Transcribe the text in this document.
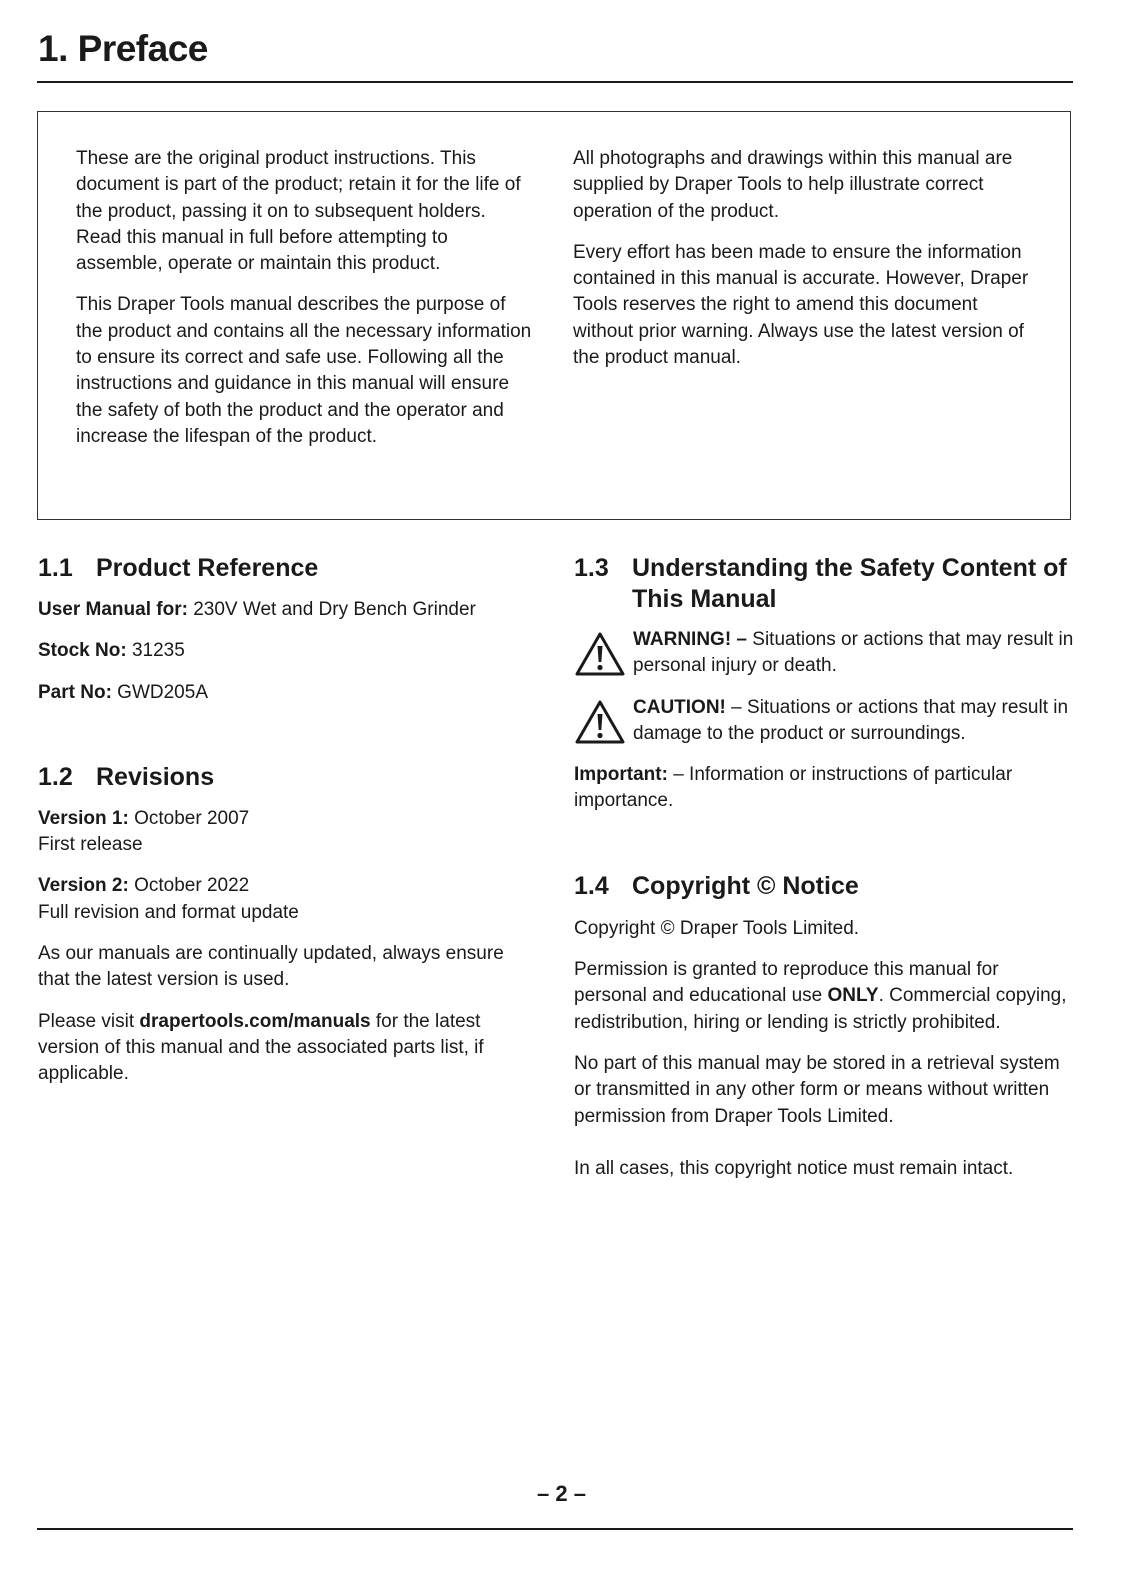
1. Preface

These are the original product instructions. This document is part of the product; retain it for the life of the product, passing it on to subsequent holders. Read this manual in full before attempting to assemble, operate or maintain this product.

This Draper Tools manual describes the purpose of the product and contains all the necessary information to ensure its correct and safe use. Following all the instructions and guidance in this manual will ensure the safety of both the product and the operator and increase the lifespan of the product.

All photographs and drawings within this manual are supplied by Draper Tools to help illustrate correct operation of the product.

Every effort has been made to ensure the information contained in this manual is accurate. However, Draper Tools reserves the right to amend this document without prior warning. Always use the latest version of the product manual.

1.1 Product Reference

User Manual for: 230V Wet and Dry Bench Grinder

Stock No: 31235

Part No: GWD205A

1.2 Revisions

Version 1: October 2007

First release

Version 2: October 2022

Full revision and format update

As our manuals are continually updated, always ensure that the latest version is used.

Please visit drapertools.com/manuals for the latest version of this manual and the associated parts list, if applicable.

1.3 Understanding the Safety Content of This Manual

WARNING! – Situations or actions that may result in personal injury or death.

CAUTION! – Situations or actions that may result in damage to the product or surroundings.

Important: – Information or instructions of particular importance.

1.4 Copyright © Notice

Copyright © Draper Tools Limited.

Permission is granted to reproduce this manual for personal and educational use ONLY. Commercial copying, redistribution, hiring or lending is strictly prohibited.

No part of this manual may be stored in a retrieval system or transmitted in any other form or means without written permission from Draper Tools Limited.

In all cases, this copyright notice must remain intact.

– 2 –
